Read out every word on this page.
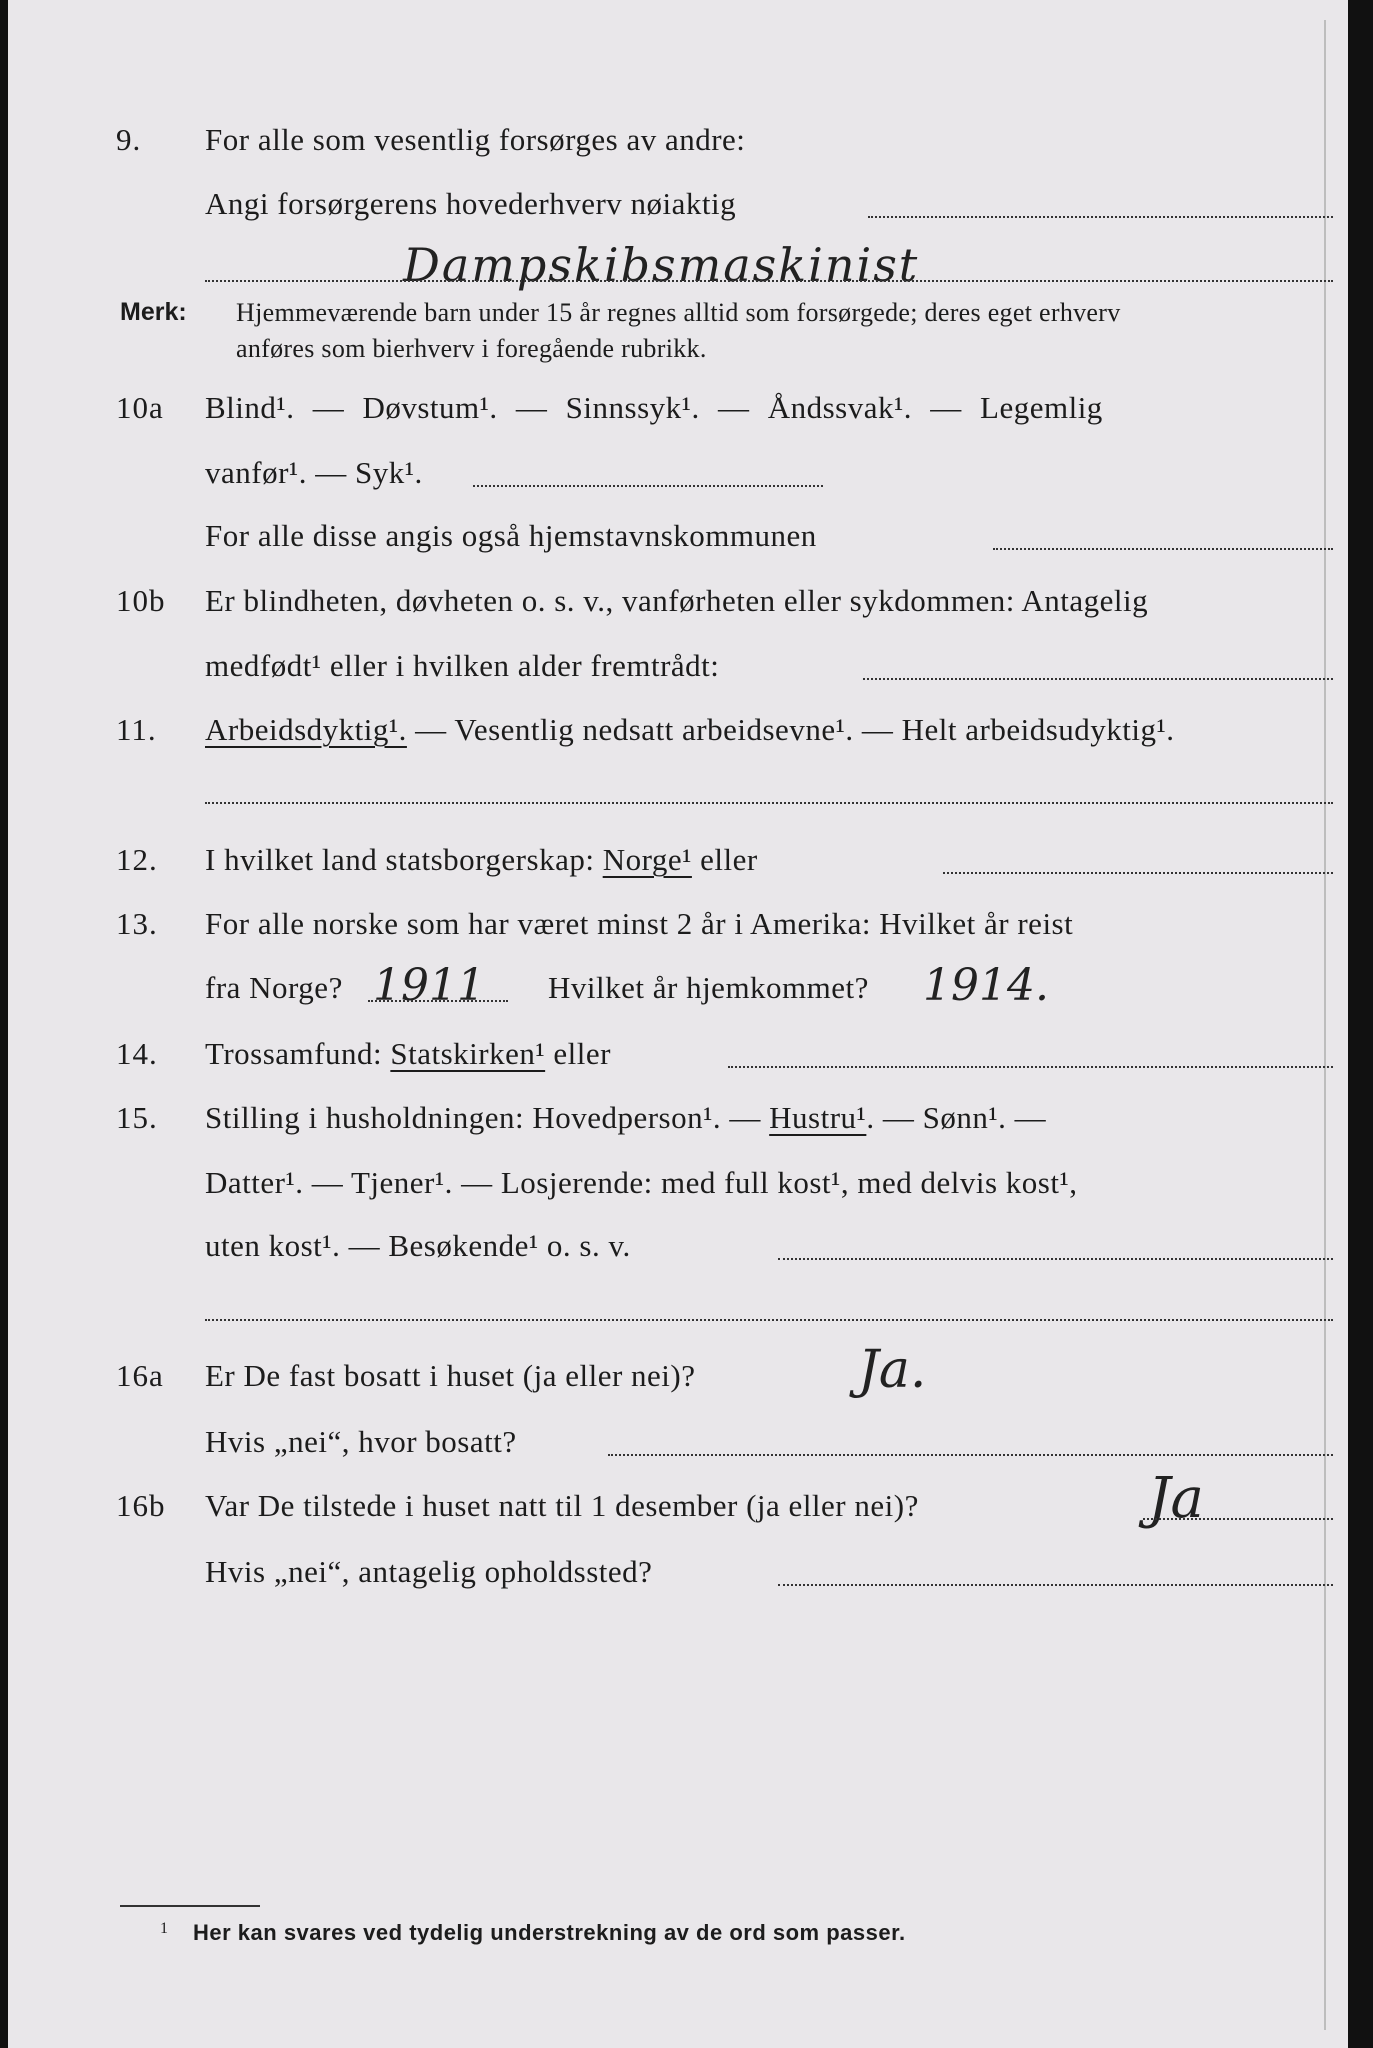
9. For alle som vesentlig forsørges av andre:
Angi forsørgerens hovederhverv nøiaktig
Dampskibsmaskinist
Merk: Hjemmeværende barn under 15 år regnes alltid som forsørgede; deres eget erhverv
anføres som bierhverv i foregående rubrikk.
10a Blind¹. — Døvstum¹. — Sinnssyk¹. — Åndssvak¹. — Legemlig
vanfør¹. — Syk¹.
For alle disse angis også hjemstavnskommunen
10b Er blindheten, døvheten o. s. v., vanførheten eller sykdommen: Antagelig
medfødt¹ eller i hvilken alder fremtrådt:
11. Arbeidsdyktig¹. — Vesentlig nedsatt arbeidsevne¹. — Helt arbeidsudyktig¹.
12. I hvilket land statsborgerskap: Norge¹ eller
13. For alle norske som har været minst 2 år i Amerika: Hvilket år reist
fra Norge? 1911 Hvilket år hjemkommet? 1914.
14. Trossamfund: Statskirken¹ eller
15. Stilling i husholdningen: Hovedperson¹. — Hustru¹. — Sønn¹. —
Datter¹. — Tjener¹. — Losjerende: med full kost¹, med delvis kost¹,
uten kost¹. — Besøkende¹ o. s. v.
16a Er De fast bosatt i huset (ja eller nei)?	Ja.
Hvis „nei“, hvor bosatt?
16b Var De tilstede i huset natt til 1 desember (ja eller nei)?	Ja
Hvis „nei“, antagelig opholdssted?
1 Her kan svares ved tydelig understrekning av de ord som passer.
